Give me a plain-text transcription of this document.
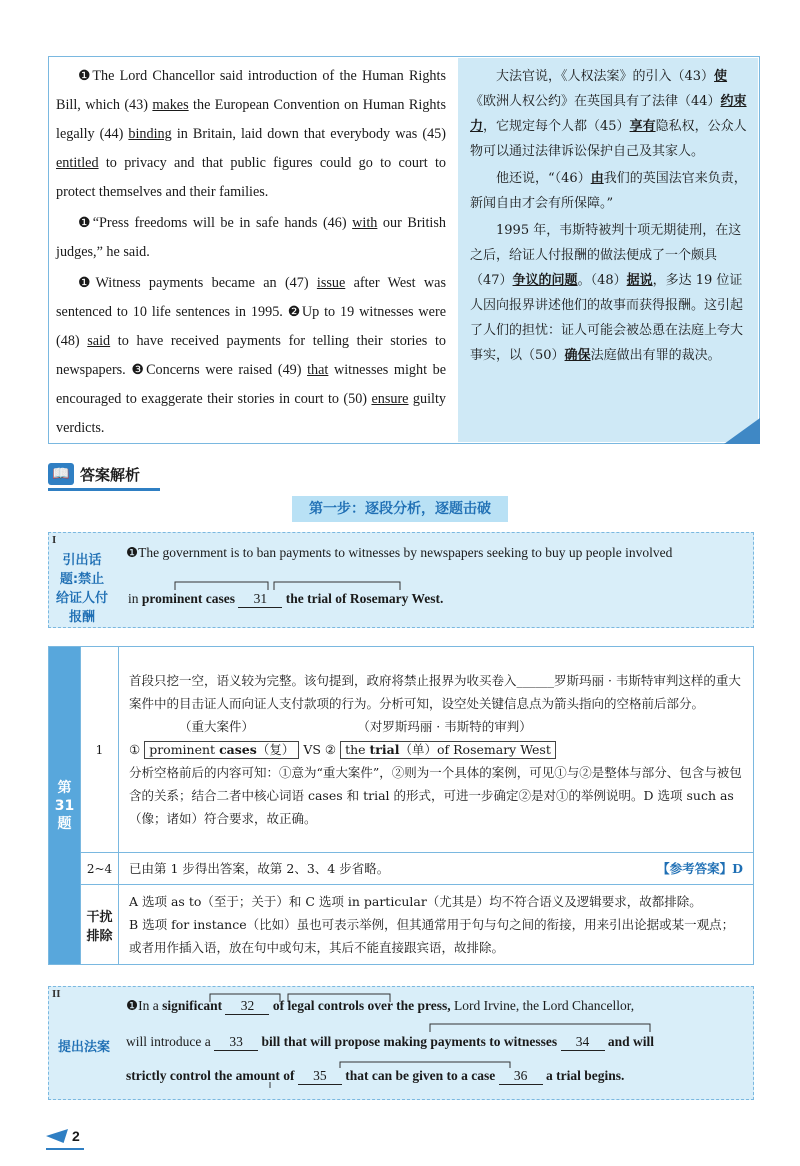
❶The Lord Chancellor said introduction of the Human Rights Bill, which (43) makes the European Convention on Human Rights legally (44) binding in Britain, laid down that everybody was (45) entitled to privacy and that public figures could go to court to protect themselves and their families.

❶“Press freedoms will be in safe hands (46) with our British judges,” he said.

❶Witness payments became an (47) issue after West was sentenced to 10 life sentences in 1995. ❷Up to 19 witnesses were (48) said to have received payments for telling their stories to newspapers. ❸Concerns were raised (49) that witnesses might be encouraged to exaggerate their stories in court to (50) ensure guilty verdicts.

大法官说，《人权法案》的引入（43）使《欧洲人权公约》在英国具有了法律（44）约束力，它规定每个人都（45）享有隐私权，公众人物可以通过法律诉讼保护自己及其家人。

他还说，“（46）由我们的英国法官来负责，新闻自由才会有所保障。”

1995 年，韦斯特被判十项无期徒刑，在这之后，给证人付报酬的做法便成了一个颇具（47）争议的问题。（48）据说，多达 19 位证人因向报界讲述他们的故事而获得报酬。这引起了人们的担忧：证人可能会被怂恿在法庭上夸大事实，以（50）确保法庭做出有罪的裁决。

📖 答案解析
第一步：逐段分析，逐题击破
I
引出话题:禁止给证人付报酬
❶The government is to ban payments to witnesses by newspapers seeking to buy up people involved
in prominent cases 31 the trial of Rosemary West.
第31题	1	首段只挖一空，语义较为完整。该句提到，政府将禁止报界为收买卷入______罗斯玛丽 · 韦斯特审判这样的重大案件中的目击证人而向证人支付款项的行为。分析可知，设空处关键信息点为箭头指向的空格前后部分。
（重大案件） （对罗斯玛丽 · 韦斯特的审判）
① prominent cases（复） VS ② the trial（单）of Rosemary West
分析空格前后的内容可知：①意为“重大案件”，②则为一个具体的案例，可见①与②是整体与部分、包含与被包含的关系；结合二者中核心词语 cases 和 trial 的形式，可进一步确定②是对①的举例说明。D 选项 such as（像；诸如）符合要求，故正确。

	2~4	已由第 1 步得出答案，故第 2、3、4 步省略。 【参考答案】D

	干扰排除	A 选项 as to（至于；关于）和 C 选项 in particular（尤其是）均不符合语义及逻辑要求，故都排除。
B 选项 for instance（比如）虽也可表示举例，但其通常用于句与句之间的衔接，用来引出论据或某一观点；或者用作插入语，放在句中或句末，其后不能直接跟宾语，故排除。
II
提出法案
❶In a significant 32 of legal controls over the press, Lord Irvine, the Lord Chancellor,
will introduce a 33 bill that will propose making payments to witnesses 34 and will
strictly control the amount of 35 that can be given to a case 36 a trial begins.
2
